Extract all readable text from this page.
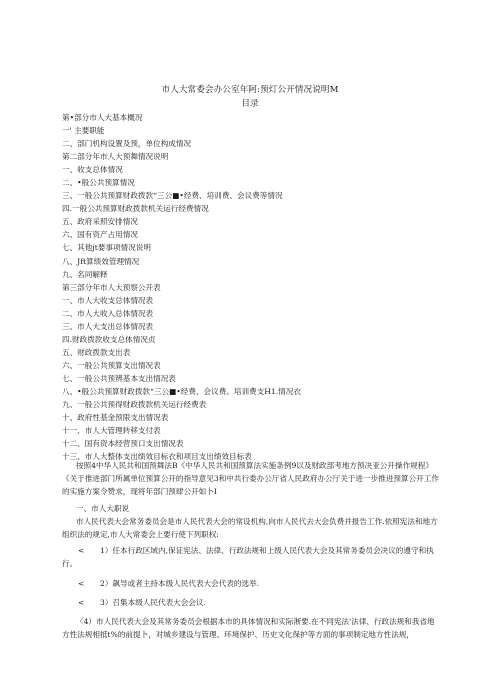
市人大常委会办公室年阿:预灯公开情况说明M
目录
第•部分市人大基本概况
一' 主要职能
二、部门机构设置及预，单位构成情况
第二部分年市人大预舞情况说明
一、收支总体情况
二、•般公共预算情况
三、一般公共预算财政拨款“三公■•经费、培训费、会议费等情况
四.一般公共预算财政拨款机关运行经费情况
五、政府采照安排情况
六、国有资产占用情况
七、其他jt要事项情况说明
八、Jft算绩效管理情况
九、名同解释
第三部分年市人大预察公开表
一、市人大收支总体情况表
二、市人大收入总体情况表
三、市人大支出总体情况表
四.财政拨款收支总体情况贞
五、财政拨款支出表
六、一般公共预算支出情况表
七、一般公共预辨基本支出情况表
八、•般公共预算财政拨款“三公■•经费、会议费、培训费支H1.情况衣
九、一般公共预得财政拨款机关运行经费表
十、政府性基金预限支出情况表
十一、市人大管理转移支付表
十二、国有资本经营预口支出情况表
十三、市人大整体支出绩效目标衣和项目支出绩效目标表

按照4中华人民共和国预舞法B《中华人民共和国预算法实施条例9以及财政部考地方预决亚公开操作规程》《关于推进部门所属单位预算公开的指导意见3和中共行委办公厅省人民政府办公厅关于进一步推进预算公开工作的实施方案令赞求，现将年部门预肆公开如卜I

一、市人大职说

市人民代表大会常务委员会是市人民代表大会的常设机构,向市人民代去大会负费并报告工作.依照宪法和地方组织法的规定,市人大常委会上要行使下列职权:

< 1）任本行政区域内,保证宪法、法律、行政法规和上级人民代表大会及其常务委员会决议的遵守和执行。

< 2）飙导或者主持本级人民代表大会代表的选举.

< 3）召集本级人民代表大会会议.

〈4）市人民代表大会及其常务委员会根据本市的具体情况和实际淅要.在不同宪法'法律、行政法规和我省地方性法规相抵t%的前提卜，对城乡建设与管理、环境保护、历史文化保护等方面的事项制定地方性法规，
